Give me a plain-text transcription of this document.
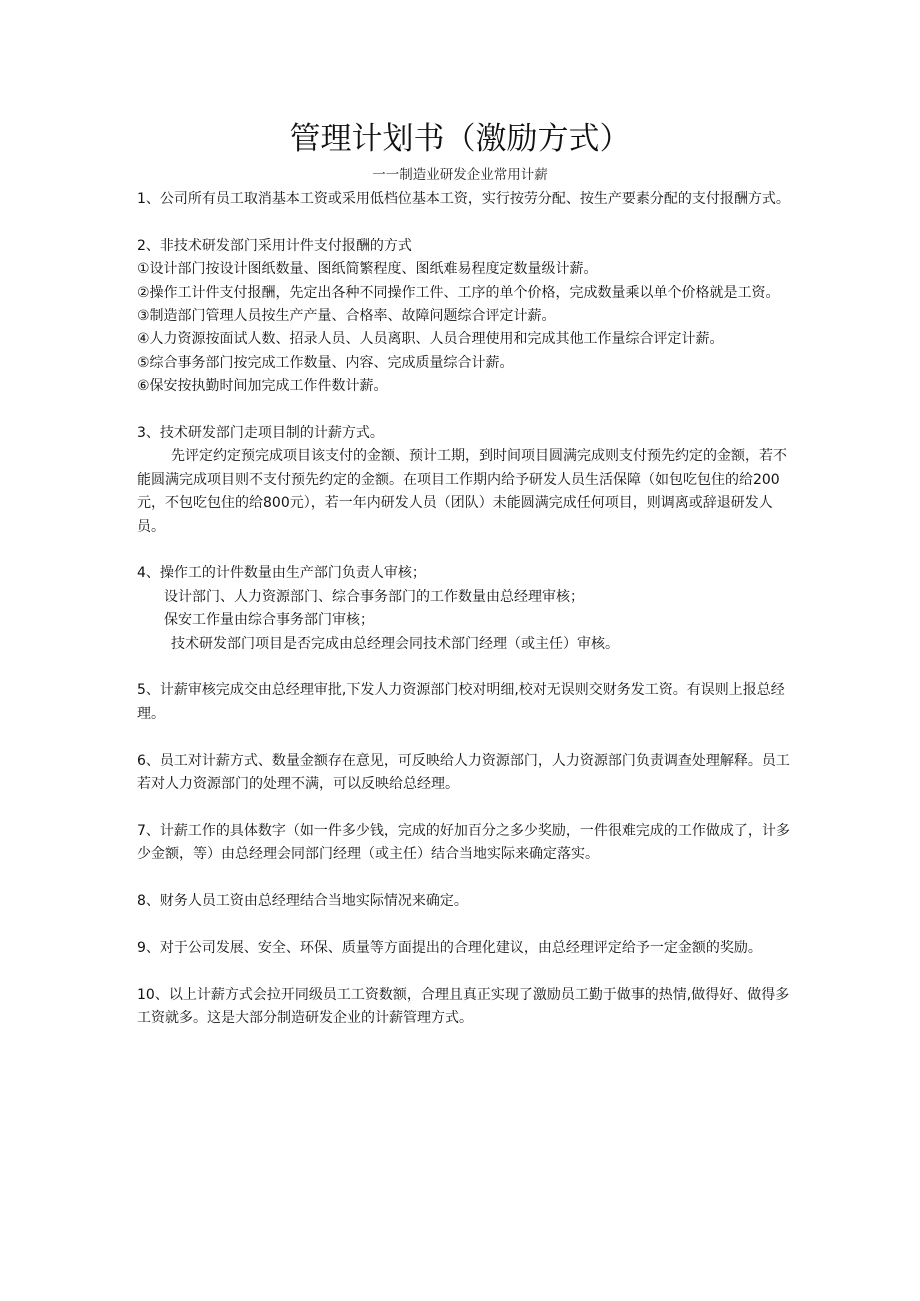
管理计划书（激励方式）
一一制造业研发企业常用计薪

1、公司所有员工取消基本工资或采用低档位基本工资，实行按劳分配、按生产要素分配的支付报酬方式。

2、非技术研发部门采用计件支付报酬的方式

①设计部门按设计图纸数量、图纸简繁程度、图纸难易程度定数量级计薪。

②操作工计件支付报酬，先定出各种不同操作工件、工序的单个价格，完成数量乘以单个价格就是工资。

③制造部门管理人员按生产产量、合格率、故障问题综合评定计薪。

④人力资源按面试人数、招录人员、人员离职、人员合理使用和完成其他工作量综合评定计薪。

⑤综合事务部门按完成工作数量、内容、完成质量综合计薪。

⑥保安按执勤时间加完成工作件数计薪。

3、技术研发部门走项目制的计薪方式。

先评定约定预完成项目该支付的金额、预计工期，到时间项目圆满完成则支付预先约定的金额，若不能圆满完成项目则不支付预先约定的金额。在项目工作期内给予研发人员生活保障（如包吃包住的给200元，不包吃包住的给800元），若一年内研发人员（团队）未能圆满完成任何项目，则调离或辞退研发人员。

4、操作工的计件数量由生产部门负责人审核；

设计部门、人力资源部门、综合事务部门的工作数量由总经理审核；

保安工作量由综合事务部门审核；

技术研发部门项目是否完成由总经理会同技术部门经理（或主任）审核。

5、计薪审核完成交由总经理审批,下发人力资源部门校对明细,校对无误则交财务发工资。有误则上报总经理。

6、员工对计薪方式、数量金额存在意见，可反映给人力资源部门，人力资源部门负责调查处理解释。员工若对人力资源部门的处理不满，可以反映给总经理。

7、计薪工作的具体数字（如一件多少钱，完成的好加百分之多少奖励，一件很难完成的工作做成了，计多少金额，等）由总经理会同部门经理（或主任）结合当地实际来确定落实。

8、财务人员工资由总经理结合当地实际情况来确定。

9、对于公司发展、安全、环保、质量等方面提出的合理化建议，由总经理评定给予一定金额的奖励。

10、以上计薪方式会拉开同级员工工资数额，合理且真正实现了激励员工勤于做事的热情,做得好、做得多工资就多。这是大部分制造研发企业的计薪管理方式。
